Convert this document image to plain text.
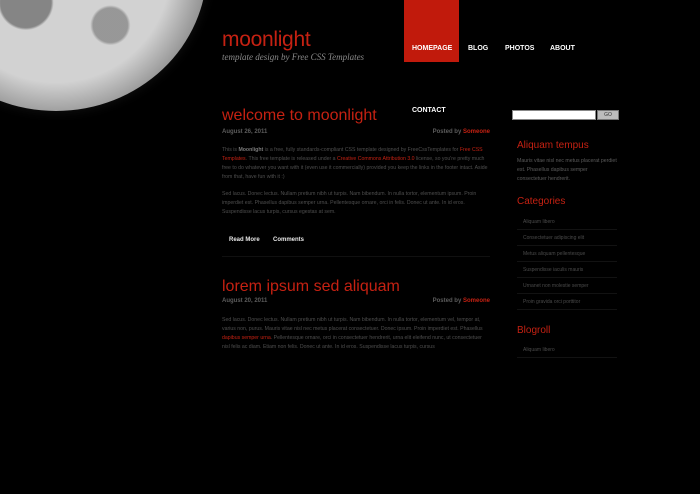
moonlight

template design by Free CSS Templates

HOMEPAGE BLOG PHOTOS ABOUT
CONTACT
welcome to moonlight
August 26, 2011	Posted by Someone

This is Moonlight is a free, fully standards-compliant CSS template designed by FreeCssTemplates for Free CSS Templates. This free template is released under a Creative Commons Attribution 3.0 license, so you're pretty much free to do whatever you want with it (even use it commercially) provided you keep the links in the footer intact. Aside from that, have fun with it :)

Sed lacus. Donec lectus. Nullam pretium nibh ut turpis. Nam bibendum. In nulla tortor, elementum ipsum. Proin imperdiet est. Phasellus dapibus semper urna. Pellentesque ornare, orci in felis. Donec ut ante. In id eros. Suspendisse lacus turpis, cursus egestas at sem.

Read More Comments
lorem ipsum sed aliquam
August 20, 2011	Posted by Someone

Sed lacus. Donec lectus. Nullam pretium nibh ut turpis. Nam bibendum. In nulla tortor, elementum vel, tempor at, varius non, purus. Mauris vitae nisl nec metus placerat consectetuer. Donec ipsum. Proin imperdiet est. Phasellus dapibus semper urna. Pellentesque ornare, orci in consectetuer hendrerit, urna elit eleifend nunc, ut consectetuer nisl felis ac diam. Etiam non felis. Donec ut ante. In id eros. Suspendisse lacus turpis, cursus

GO
Aliquam tempus

Mauris vitae nisl nec metus placerat perdiet est. Phasellus dapibus semper consectetuer hendrerit.

Categories
Aliquam libero
Consectetuer adipiscing elit
Metus aliquam pellentesque
Suspendisse iaculis mauris
Urnanet non molestie semper
Proin gravida orci porttitor
Blogroll
Aliquam libero
